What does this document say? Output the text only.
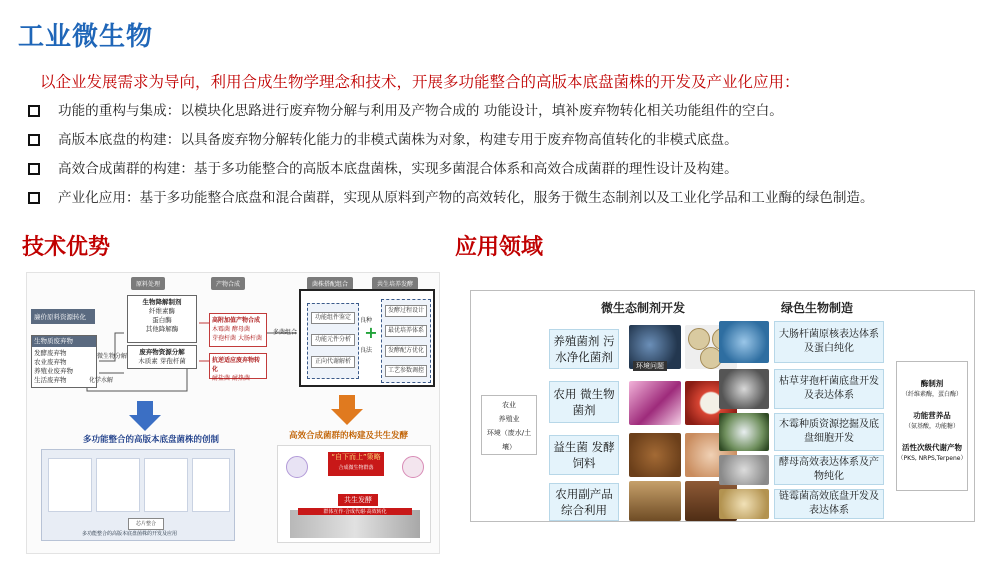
工业微生物
以企业发展需求为导向，利用合成生物学理念和技术，开展多功能整合的高版本底盘菌株的开发及产业化应用：
功能的重构与集成：以模块化思路进行废弃物分解与利用及产物合成的 功能设计，填补废弃物转化相关功能组件的空白。
高版本底盘的构建：以具备废弃物分解转化能力的非模式菌株为对象，构建专用于废弃物高值转化的非模式底盘。
高效合成菌群的构建：基于多功能整合的高版本底盘菌株，实现多菌混合体系和高效合成菌群的理性设计及构建。
产业化应用：基于多功能整合底盘和混合菌群，实现从原料到产物的高效转化，服务于微生态制剂以及工业化学品和工业酶的绿色制造。
技术优势	应用领域
原料处理	产物合成	菌株搭配组合	共生培养发酵
廉价原料资源转化
生物质废弃物
发酵废弃物
农业废弃物
养殖业废弃物
生活废弃物
微生物分解
化学水解
生物降解制剂
纤维素酶
蛋白酶
其他降解酶
废弃物资源分解
木质素 芽孢杆菌
高附加值产物合成
木霉菌 酵母菌
芽孢杆菌 大肠杆菌
抗逆适应废弃物转化
耐盐菌 耐热菌
多菌组合
功能组件鉴定
功能元件分析
正向代谢解析
+
良种
良法
发酵过程设计
最优培养体系
发酵配方优化
工艺参数调控
多功能整合的高版本底盘菌株的创制	高效合成菌群的构建及共生发酵
芯片整合
多功能整合的高版本底盘菌株的开发及应用
“自下而上”策略
合成微生物群落
共生发酵
群体互作·合成代谢·高效转化
微生态制剂开发	绿色生物制造
农业
养殖业
环境（废水/土壤）
养殖菌剂 污水净化菌剂
农用 微生物菌剂
益生菌 发酵饲料
农用副产品 综合利用
环境问题
大肠杆菌原核表达体系及蛋白纯化
枯草芽孢杆菌底盘开发及表达体系
木霉种质资源挖掘及底盘细胞开发
酵母高效表达体系及产物纯化
链霉菌高效底盘开发及表达体系
酶制剂
（纤维素酶，蛋白酶）
功能营养品
（氨基酸，功能糖）
活性次级代谢产物
（PKS, NRPS,Terpene）
